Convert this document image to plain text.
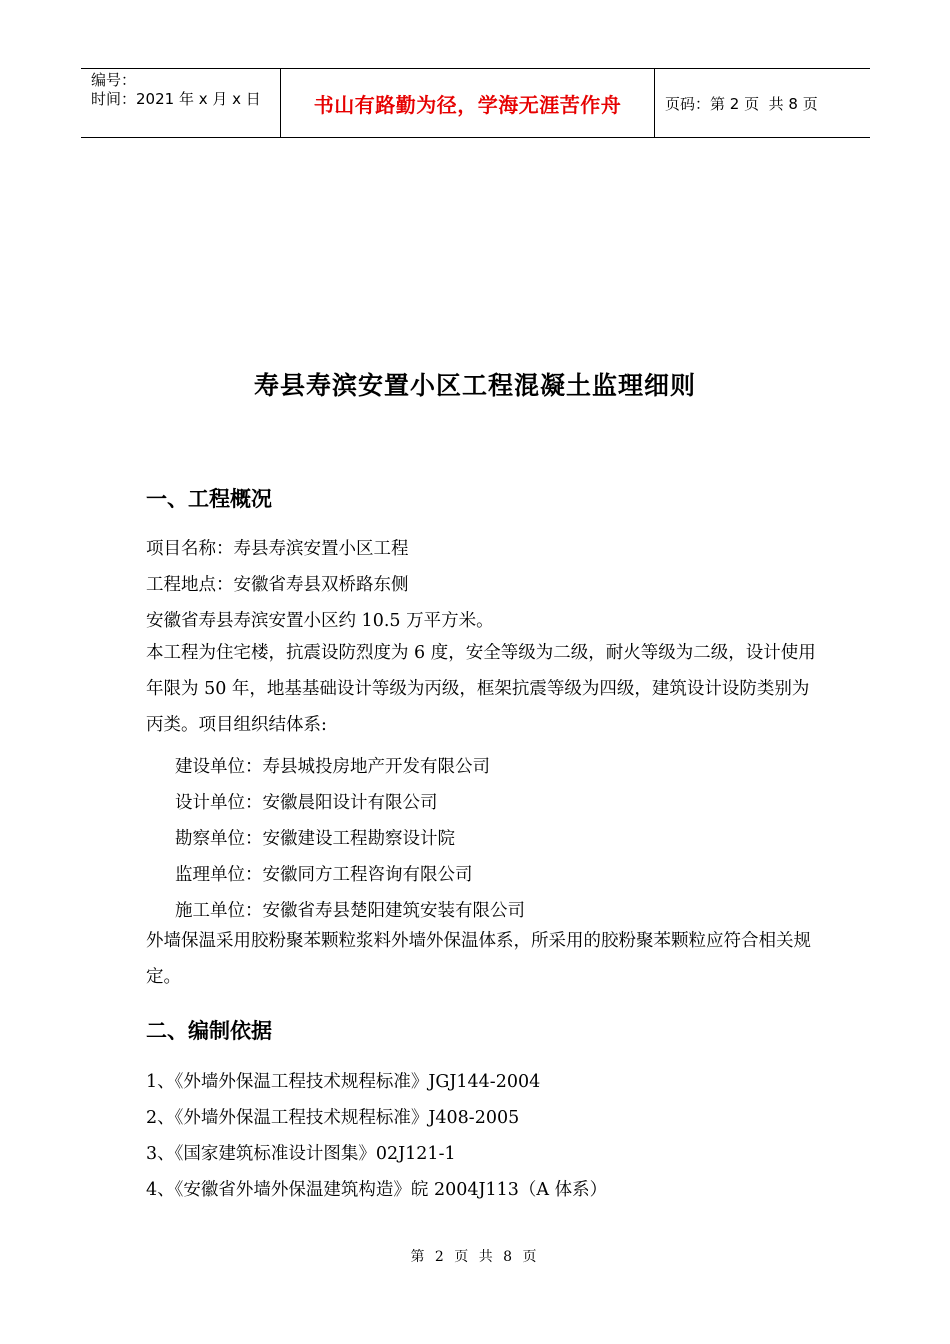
编号：
时间：2021 年 x 月 x 日	书山有路勤为径，学海无涯苦作舟	页码：第 2 页  共 8 页
寿县寿滨安置小区工程混凝土监理细则
一、工程概况
项目名称：寿县寿滨安置小区工程
工程地点：安徽省寿县双桥路东侧
安徽省寿县寿滨安置小区约 10.5 万平方米。

本工程为住宅楼，抗震设防烈度为 6 度，安全等级为二级，耐火等级为二级，设计使用年限为 50 年，地基基础设计等级为丙级，框架抗震等级为四级，建筑设计设防类别为丙类。项目组织结体系:

建设单位：寿县城投房地产开发有限公司
设计单位：安徽晨阳设计有限公司
勘察单位：安徽建设工程勘察设计院
监理单位：安徽同方工程咨询有限公司
施工单位：安徽省寿县楚阳建筑安装有限公司

外墙保温采用胶粉聚苯颗粒浆料外墙外保温体系，所采用的胶粉聚苯颗粒应符合相关规定。

二、编制依据
1、《外墙外保温工程技术规程标准》JGJ144-2004
2、《外墙外保温工程技术规程标准》J408-2005
3、《国家建筑标准设计图集》02J121-1
4、《安徽省外墙外保温建筑构造》皖 2004J113（A 体系）
第 2 页 共 8 页
